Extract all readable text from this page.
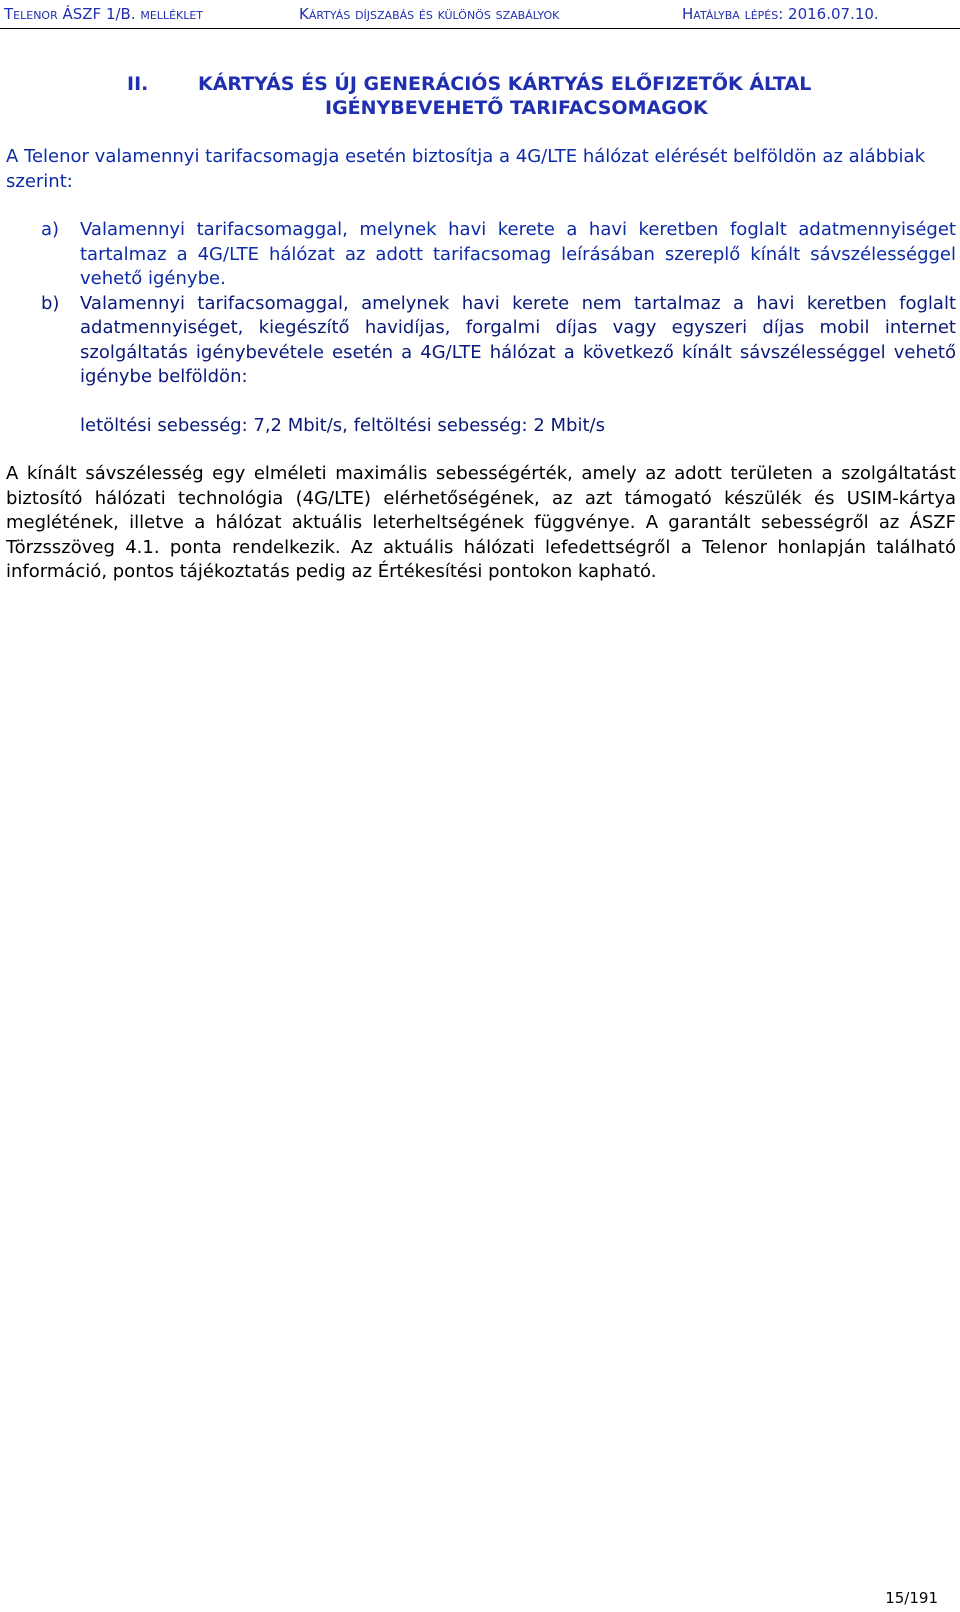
Telenor ÁSZF 1/B. melléklet	Kártyás díjszabás és különös szabályok	Hatályba lépés: 2016.07.10.
II.	KÁRTYÁS ÉS ÚJ GENERÁCIÓS KÁRTYÁS ELŐFIZETŐK ÁLTAL
IGÉNYBEVEHETŐ TARIFACSOMAGOK

A Telenor valamennyi tarifacsomagja esetén biztosítja a 4G/LTE hálózat elérését belföldön az alábbiak szerint:

a) Valamennyi tarifacsomaggal, melynek havi kerete a havi keretben foglalt adatmennyiséget tartalmaz a 4G/LTE hálózat az adott tarifacsomag leírásában szereplő kínált sávszélességgel vehető igénybe.
b) Valamennyi tarifacsomaggal, amelynek havi kerete nem tartalmaz a havi keretben foglalt adatmennyiséget, kiegészítő havidíjas, forgalmi díjas vagy egyszeri díjas mobil internet szolgáltatás igénybevétele esetén a 4G/LTE hálózat a következő kínált sávszélességgel vehető igénybe belföldön:

letöltési sebesség: 7,2 Mbit/s, feltöltési sebesség: 2 Mbit/s

A kínált sávszélesség egy elméleti maximális sebességérték, amely az adott területen a szolgáltatást biztosító hálózati technológia (4G/LTE) elérhetőségének, az azt támogató készülék és USIM-kártya meglétének, illetve a hálózat aktuális leterheltségének függvénye. A garantált sebességről az ÁSZF Törzsszöveg 4.1. ponta rendelkezik. Az aktuális hálózati lefedettségről a Telenor honlapján található információ, pontos tájékoztatás pedig az Értékesítési pontokon kapható.

15/191
